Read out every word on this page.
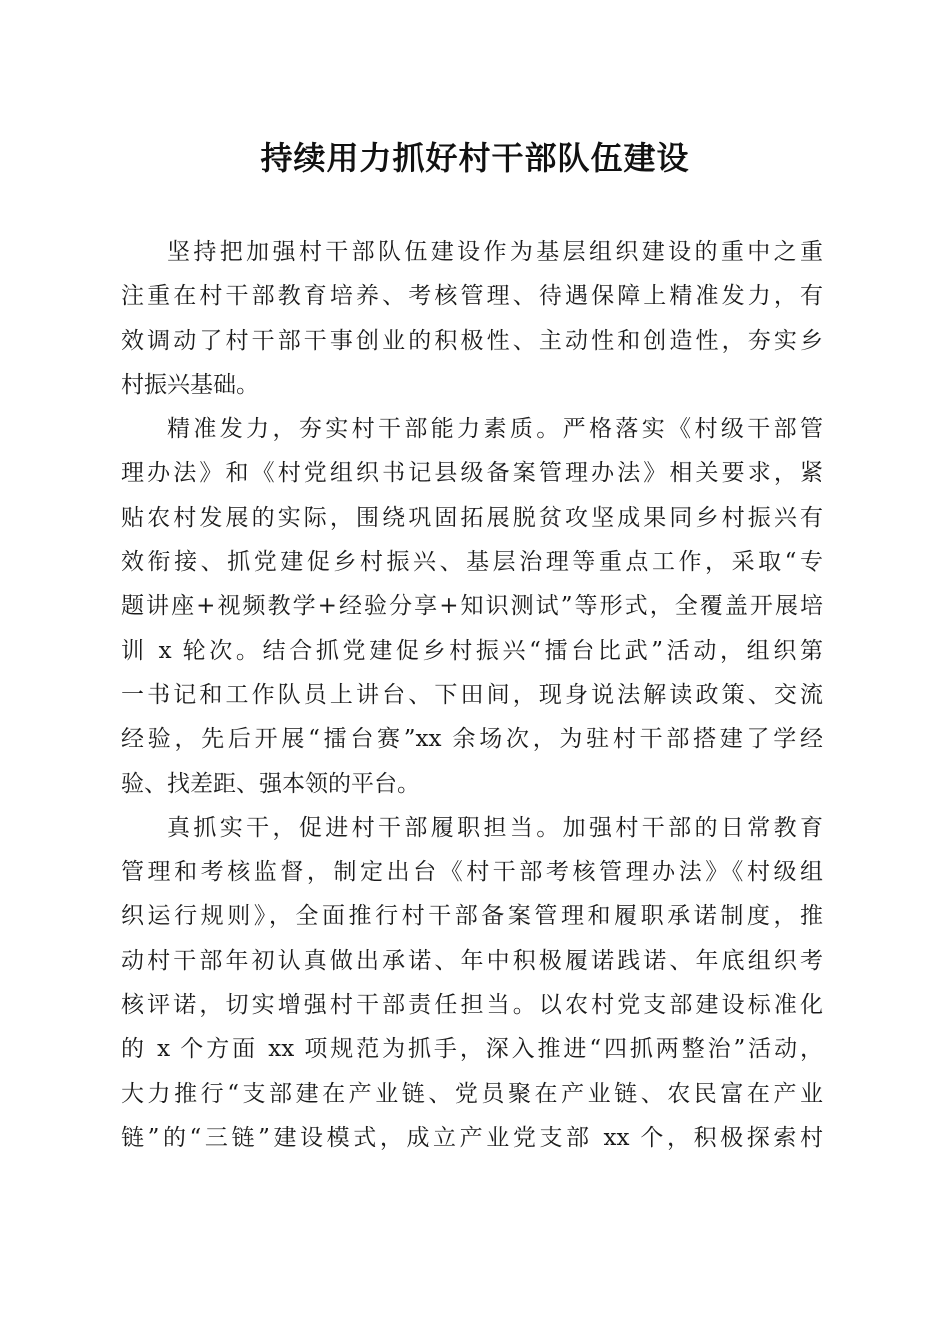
持续用力抓好村干部队伍建设
坚持把加强村干部队伍建设作为基层组织建设的重中之重
注重在村干部教育培养、考核管理、待遇保障上精准发力，有
效调动了村干部干事创业的积极性、主动性和创造性，夯实乡
村振兴基础。
精准发力，夯实村干部能力素质。严格落实《村级干部管
理办法》和《村党组织书记县级备案管理办法》相关要求，紧
贴农村发展的实际，围绕巩固拓展脱贫攻坚成果同乡村振兴有
效衔接、抓党建促乡村振兴、基层治理等重点工作，采取“专
题讲座+视频教学+经验分享+知识测试”等形式，全覆盖开展培
训 x 轮次。结合抓党建促乡村振兴“擂台比武”活动，组织第
一书记和工作队员上讲台、下田间，现身说法解读政策、交流
经验，先后开展“擂台赛”xx 余场次，为驻村干部搭建了学经
验、找差距、强本领的平台。
真抓实干，促进村干部履职担当。加强村干部的日常教育
管理和考核监督，制定出台《村干部考核管理办法》《村级组
织运行规则》，全面推行村干部备案管理和履职承诺制度，推
动村干部年初认真做出承诺、年中积极履诺践诺、年底组织考
核评诺，切实增强村干部责任担当。以农村党支部建设标准化
的 x 个方面 xx 项规范为抓手，深入推进“四抓两整治”活动，
大力推行“支部建在产业链、党员聚在产业链、农民富在产业
链”的“三链”建设模式，成立产业党支部 xx 个，积极探索村
